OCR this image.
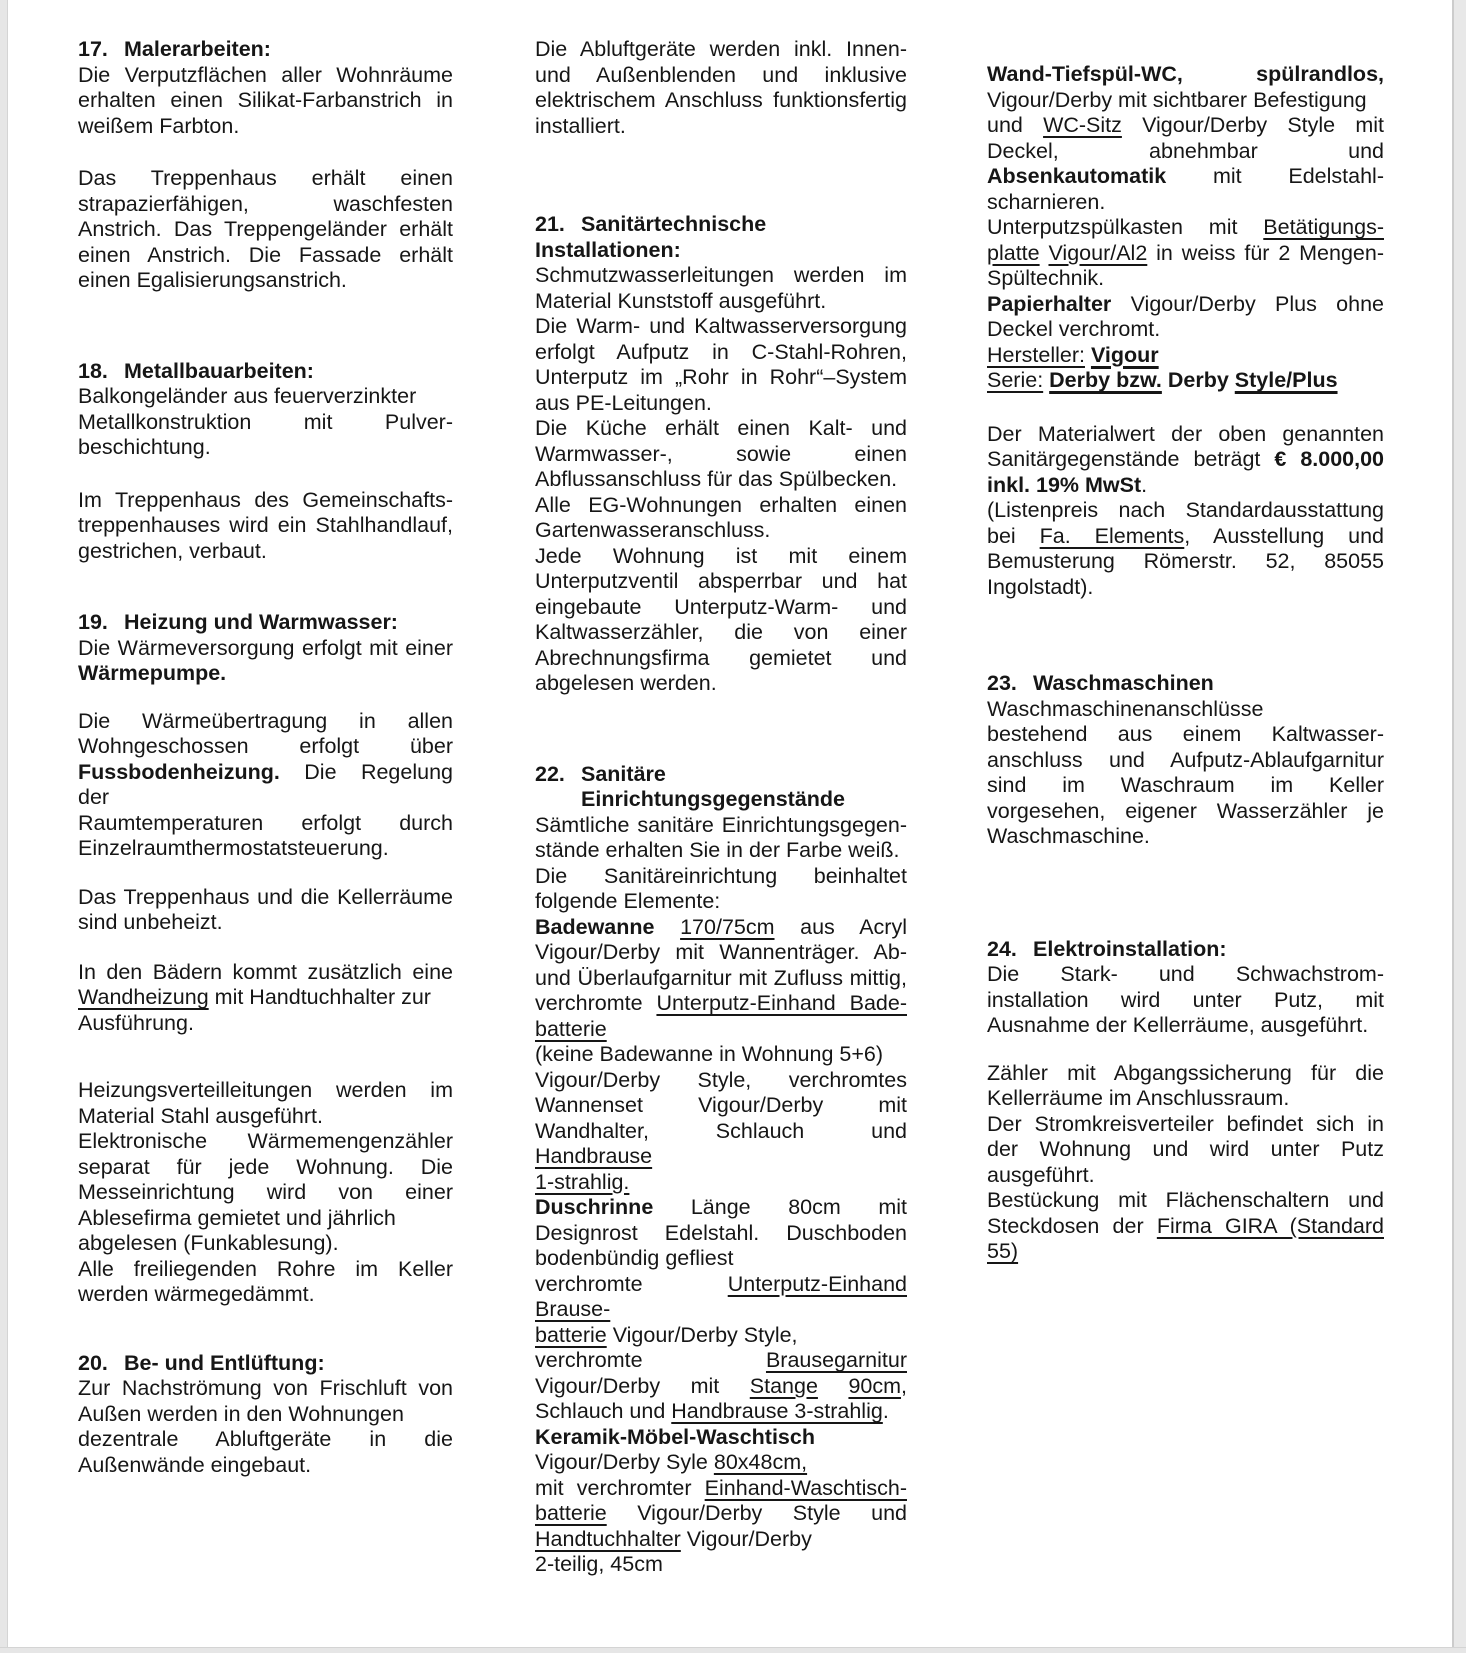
17. Malerarbeiten:
Die Verputzflächen aller Wohnräume
erhalten einen Silikat-Farbanstrich in
weißem Farbton.
Das Treppenhaus erhält einen
strapazierfähigen, waschfesten
Anstrich. Das Treppengeländer erhält
einen Anstrich. Die Fassade erhält
einen Egalisierungsanstrich.
18. Metallbauarbeiten:
Balkongeländer aus feuerverzinkter
Metallkonstruktion mit Pulver-
beschichtung.
Im Treppenhaus des Gemeinschafts-
treppenhauses wird ein Stahlhandlauf,
gestrichen, verbaut.
19. Heizung und Warmwasser:
Die Wärmeversorgung erfolgt mit einer
Wärmepumpe.
Die Wärmeübertragung in allen
Wohngeschossen erfolgt über
Fussbodenheizung. Die Regelung der
Raumtemperaturen erfolgt durch
Einzelraumthermostatsteuerung.
Das Treppenhaus und die Kellerräume
sind unbeheizt.
In den Bädern kommt zusätzlich eine
Wandheizung mit Handtuchhalter zur
Ausführung.
Heizungsverteilleitungen werden im
Material Stahl ausgeführt.
Elektronische Wärmemengenzähler
separat für jede Wohnung. Die
Messeinrichtung wird von einer
Ablesefirma gemietet und jährlich
abgelesen (Funkablesung).
Alle freiliegenden Rohre im Keller
werden wärmegedämmt.
20. Be- und Entlüftung:
Zur Nachströmung von Frischluft von
Außen werden in den Wohnungen
dezentrale Abluftgeräte in die
Außenwände eingebaut.
Die Abluftgeräte werden inkl. Innen-
und Außenblenden und inklusive
elektrischem Anschluss funktionsfertig
installiert.
21. Sanitärtechnische Installationen:
Schmutzwasserleitungen werden im
Material Kunststoff ausgeführt.
Die Warm- und Kaltwasserversorgung
erfolgt Aufputz in C-Stahl-Rohren,
Unterputz im „Rohr in Rohr“–System
aus PE-Leitungen.
Die Küche erhält einen Kalt- und
Warmwasser-, sowie einen
Abflussanschluss für das Spülbecken.
Alle EG-Wohnungen erhalten einen
Gartenwasseranschluss.
Jede Wohnung ist mit einem
Unterputzventil absperrbar und hat
eingebaute Unterputz-Warm- und
Kaltwasserzähler, die von einer
Abrechnungsfirma gemietet und
abgelesen werden.
22. Sanitäre
Einrichtungsgegenstände
Sämtliche sanitäre Einrichtungsgegen-
stände erhalten Sie in der Farbe weiß.
Die Sanitäreinrichtung beinhaltet
folgende Elemente:
Badewanne 170/75cm aus Acryl
Vigour/Derby mit Wannenträger. Ab-
und Überlaufgarnitur mit Zufluss mittig,
verchromte Unterputz-Einhand Bade-
batterie
(keine Badewanne in Wohnung 5+6)
Vigour/Derby Style, verchromtes
Wannenset Vigour/Derby mit
Wandhalter, Schlauch und Handbrause
1-strahlig.
Duschrinne Länge 80cm mit
Designrost Edelstahl. Duschboden
bodenbündig gefliest
verchromte Unterputz-Einhand Brause-
batterie Vigour/Derby Style,
verchromte Brausegarnitur
Vigour/Derby mit Stange 90cm,
Schlauch und Handbrause 3-strahlig.
Keramik-Möbel-Waschtisch
Vigour/Derby Syle 80x48cm,
mit verchromter Einhand-Waschtisch-
batterie Vigour/Derby Style und
Handtuchhalter Vigour/Derby
2-teilig, 45cm
Wand-Tiefspül-WC,	spülrandlos,
Vigour/Derby mit sichtbarer Befestigung
und WC-Sitz Vigour/Derby Style mit
Deckel, abnehmbar und
Absenkautomatik mit Edelstahl-
scharnieren.
Unterputzspülkasten mit Betätigungs-
platte Vigour/Al2 in weiss für 2 Mengen-
Spültechnik.
Papierhalter Vigour/Derby Plus ohne
Deckel verchromt.
Hersteller: Vigour
Serie: Derby bzw. Derby Style/Plus
Der Materialwert der oben genannten
Sanitärgegenstände beträgt € 8.000,00
inkl. 19% MwSt.
(Listenpreis nach Standardausstattung
bei Fa. Elements, Ausstellung und
Bemusterung Römerstr. 52, 85055
Ingolstadt).
23. Waschmaschinen
Waschmaschinenanschlüsse
bestehend aus einem Kaltwasser-
anschluss und Aufputz-Ablaufgarnitur
sind im Waschraum im Keller
vorgesehen, eigener Wasserzähler je
Waschmaschine.
24. Elektroinstallation:
Die Stark- und Schwachstrom-
installation wird unter Putz, mit
Ausnahme der Kellerräume, ausgeführt.
Zähler mit Abgangssicherung für die
Kellerräume im Anschlussraum.
Der Stromkreisverteiler befindet sich in
der Wohnung und wird unter Putz
ausgeführt.
Bestückung mit Flächenschaltern und
Steckdosen der Firma GIRA (Standard
55)
